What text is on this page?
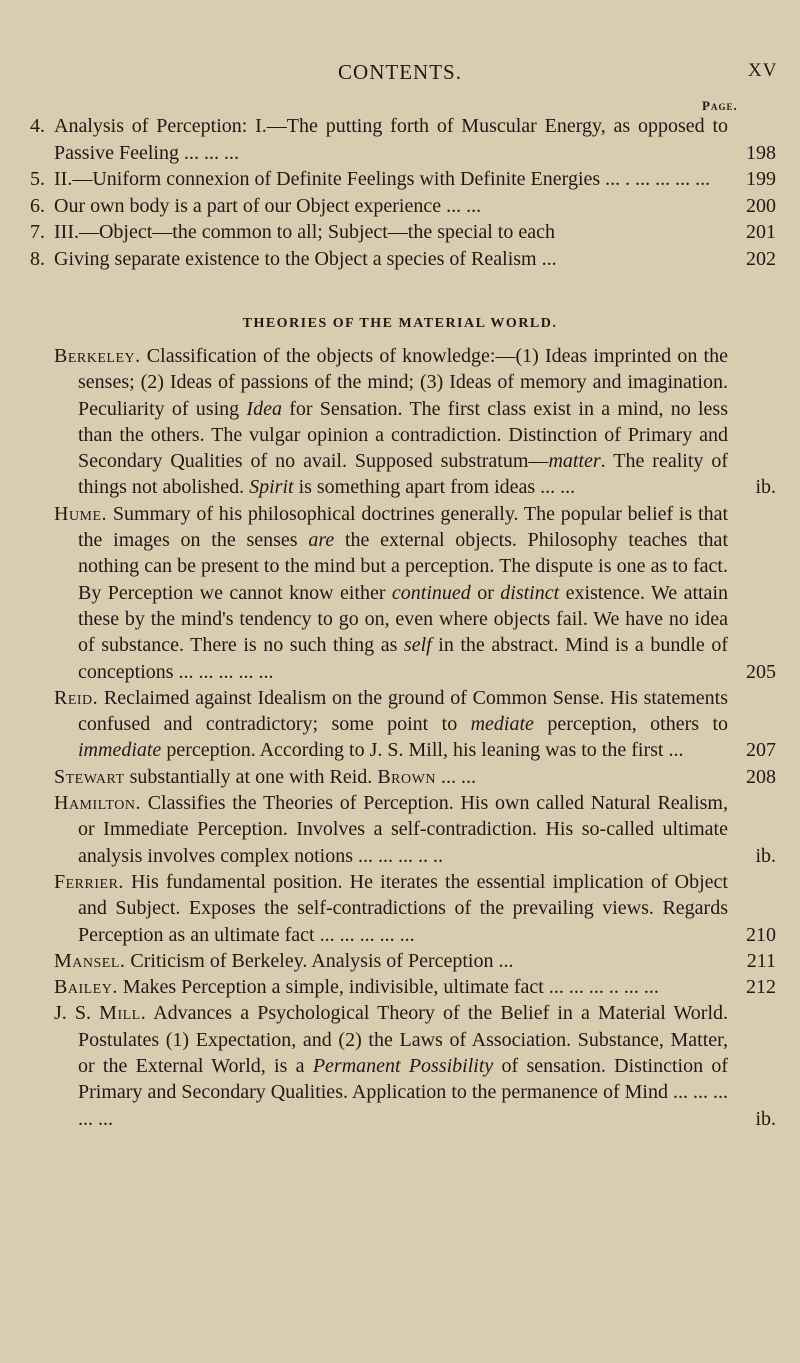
CONTENTS.	XV
Page.
4. Analysis of Perception: I.—The putting forth of Muscular Energy, as opposed to Passive Feeling ... ... ...	198
5. II.—Uniform connexion of Definite Feelings with Definite Energies ... . ... ... ... ... 199
6. Our own body is a part of our Object experience ... ...	200
7. III.—Object—the common to all; Subject—the special to each	201
8. Giving separate existence to the Object a species of Realism ...	202
THEORIES OF THE MATERIAL WORLD.
Berkeley. Classification of the objects of knowledge:—(1) Ideas imprinted on the senses; (2) Ideas of passions of the mind; (3) Ideas of memory and imagination. Peculiarity of using Idea for Sensation. The first class exist in a mind, no less than the others. The vulgar opinion a contradiction. Distinction of Primary and Secondary Qualities of no avail. Supposed substratum—matter. The reality of things not abolished. Spirit is something apart from ideas ... ...	ib.
Hume. Summary of his philosophical doctrines generally. The popular belief is that the images on the senses are the external objects. Philosophy teaches that nothing can be present to the mind but a perception. The dispute is one as to fact. By Perception we cannot know either continued or distinct existence. We attain these by the mind's tendency to go on, even where objects fail. We have no idea of substance. There is no such thing as self in the abstract. Mind is a bundle of conceptions ... ... ... ... ...	205
Reid. Reclaimed against Idealism on the ground of Common Sense. His statements confused and contradictory; some point to mediate perception, others to immediate perception. According to J. S. Mill, his leaning was to the first ...	207
Stewart substantially at one with Reid. Brown ... ...	208
Hamilton. Classifies the Theories of Perception. His own called Natural Realism, or Immediate Perception. Involves a self-contradiction. His so-called ultimate analysis involves complex notions ... ... ... .. ..	ib.
Ferrier. His fundamental position. He iterates the essential implication of Object and Subject. Exposes the self-contradictions of the prevailing views. Regards Perception as an ultimate fact ... ... ... ... ...	210
Mansel. Criticism of Berkeley. Analysis of Perception ...	211
Bailey. Makes Perception a simple, indivisible, ultimate fact ... ... ... .. ... ...	212
J. S. Mill. Advances a Psychological Theory of the Belief in a Material World. Postulates (1) Expectation, and (2) the Laws of Association. Substance, Matter, or the External World, is a Permanent Possibility of sensation. Distinction of Primary and Secondary Qualities. Application to the permanence of Mind ... ... ... ... ...	ib.
